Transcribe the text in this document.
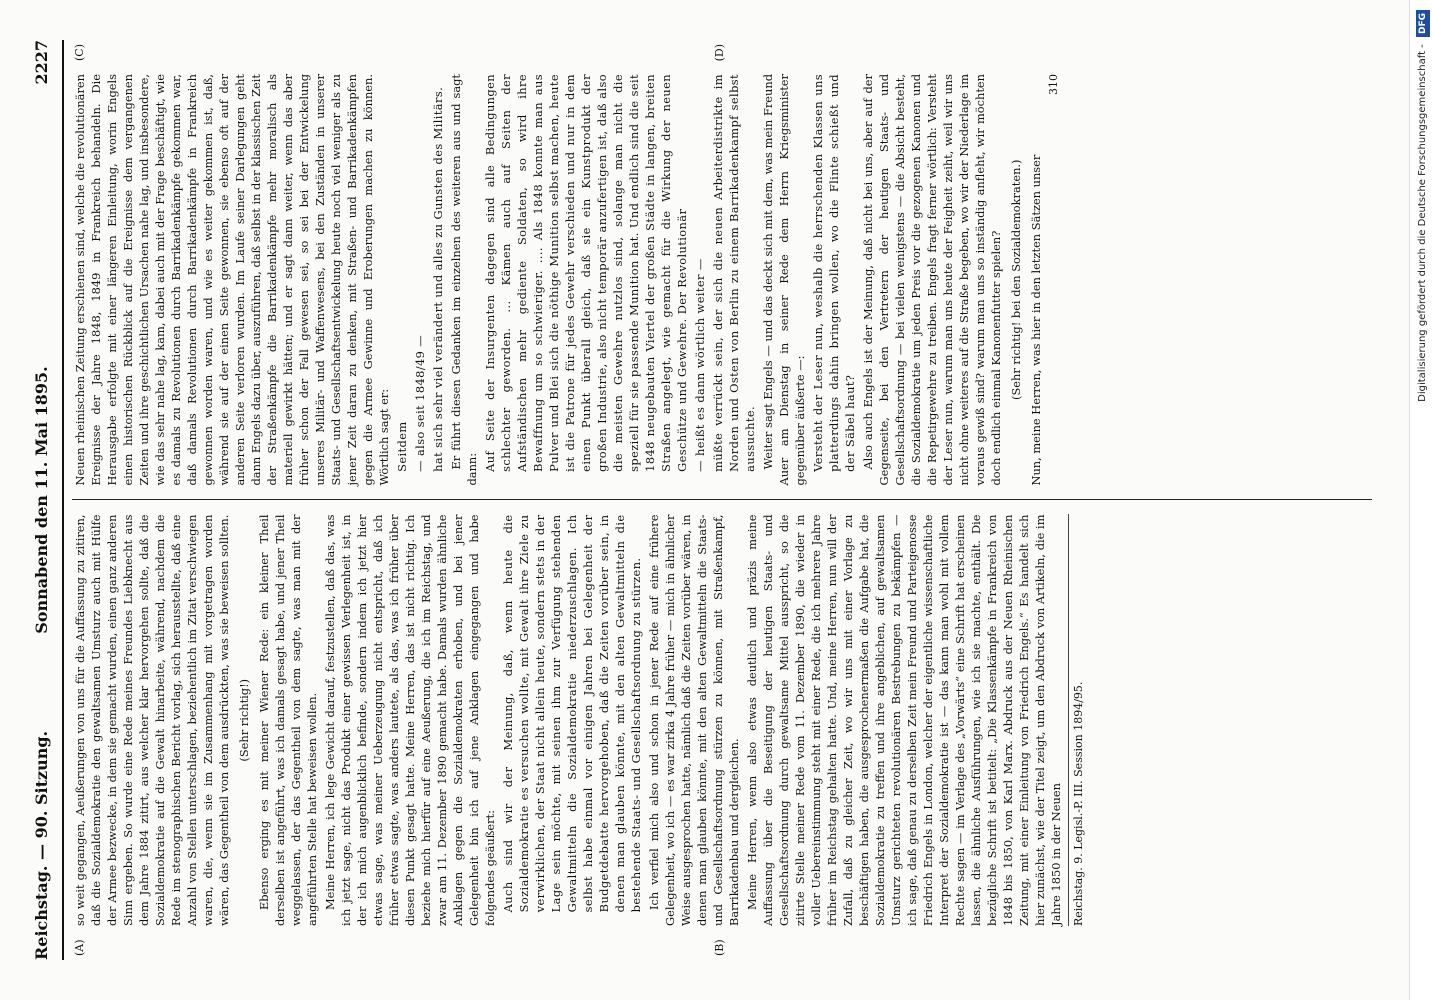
Reichstag. — 90. Sitzung.
Sonnabend den 11. Mai 1895.
2227
(A)	(B)

so weit gegangen, Aeußerungen von uns für die Auffassung zu zitiren, daß die Sozialdemokratie den gewaltsamen Umsturz auch mit Hülfe der Armee bezwecke, in dem sie gemacht wurden, einen ganz anderen Sinn ergeben. So wurde eine Rede meines Freundes Liebknecht aus dem Jahre 1884 zitirt, aus welcher klar hervorgehen sollte, daß die Sozialdemokratie auf die Gewalt hinarbeite, während, nachdem die Rede im stenographischen Bericht vorlag, sich herausstellte, daß eine Anzahl von Stellen unterschlagen, beziehentlich im Zitat verschwiegen waren, die, wenn sie im Zusammenhang mit vorgetragen worden wären, das Gegentheil von dem ausdrückten, was sie beweisen sollten. (Sehr richtig!) Ebenso erging es mit meiner Wiener Rede: ein kleiner Theil derselben ist angeführt, was ich damals gesagt habe, und jener Theil weggelassen, der das Gegentheil von dem sagte, was man mit der angeführten Stelle hat beweisen wollen. Meine Herren, ich lege Gewicht darauf, festzustellen, daß das, was ich jetzt sage, nicht das Produkt einer gewissen Verlegenheit ist, in der ich mich augenblicklich befinde, sondern indem ich jetzt hier etwas sage, was meiner Ueberzeugung nicht entspricht, daß ich früher etwas sagte, was anders lautete, als das, was ich früher über diesen Punkt gesagt hatte. Meine Herren, das ist nicht richtig. Ich beziehe mich hierfür auf eine Aeußerung, die ich im Reichstag, und zwar am 11. Dezember 1890 gemacht habe. Damals wurden ähnliche Anklagen gegen die Sozialdemokraten erhoben, und bei jener Gelegenheit bin ich auf jene Anklagen eingegangen und habe folgendes geäußert: Auch sind wir der Meinung, daß, wenn heute die Sozialdemokratie es versuchen wollte, mit Gewalt ihre Ziele zu verwirklichen, der Staat nicht allein heute, sondern stets in der Lage sein möchte, mit seinen ihm zur Verfügung stehenden Gewaltmitteln die Sozialdemokratie niederzuschlagen. Ich selbst habe einmal vor einigen Jahren bei Gelegenheit der Budgetdebatte hervorgehoben, daß die Zeiten vorüber sein, in denen man glauben könnte, mit den alten Gewaltmitteln die bestehende Staats- und Gesellschaftsordnung zu stürzen. Ich verfiel mich also und schon in jener Rede auf eine frühere Gelegenheit, wo ich — es war zirka 4 Jahre früher — mich in ähnlicher Weise ausgesprochen hatte, nämlich daß die Zeiten vorüber wären, in denen man glauben könnte, mit den alten Gewaltmitteln die Staats- und Gesellschaftsordnung stürzen zu können, mit Straßenkampf, Barrikadenbau und dergleichen. Meine Herren, wenn also etwas deutlich und präzis meine Auffassung über die Beseitigung der heutigen Staats- und Gesellschaftsordnung durch gewaltsame Mittel ausspricht, so die zitirte Stelle meiner Rede vom 11. Dezember 1890, die wieder in voller Uebereinstimmung steht mit einer Rede, die ich mehrere Jahre früher im Reichstag gehalten hatte. Und, meine Herren, nun will der Zufall, daß zu gleicher Zeit, wo wir uns mit einer Vorlage zu beschäftigen haben, die ausgesprochenermaßen die Aufgabe hat, die Sozialdemokratie zu treffen und ihre angeblichen, auf gewaltsamen Umsturz gerichteten revolutionären Bestrebungen zu bekämpfen — ich sage, daß genau zu derselben Zeit mein Freund und Parteigenosse Friedrich Engels in London, welcher der eigentliche wissenschaftliche Interpret der Sozialdemokratie ist — das kann man wohl mit vollem Rechte sagen — im Verlage des „Vorwärts“ eine Schrift hat erscheinen lassen, die ähnliche Ausführungen, wie ich sie machte, enthält. Die bezügliche Schrift ist betitelt: „Die Klassenkämpfe in Frankreich von 1848 bis 1850, von Karl Marx. Abdruck aus der Neuen Rheinischen Zeitung, mit einer Einleitung von Friedrich Engels.“ Es handelt sich hier zunächst, wie der Titel zeigt, um den Abdruck von Artikeln, die im Jahre 1850 in der Neuen Reichstag. 9. Legisl.-P. III. Session 1894/95.
(C)	(D)

Neuen rheinischen Zeitung erschienen sind, welche die revolutionären Ereignisse der Jahre 1848, 1849 in Frankreich behandeln. Die Herausgabe erfolgte mit einer längeren Einleitung, worin Engels einen historischen Rückblick auf die Ereignisse dem vergangenen Zeiten und ihre geschichtlichen Ursachen nahe lag, und insbesondere, wie das sehr nahe lag, kam, dabei auch mit der Frage beschäftigt, wie es damals zu Revolutionen durch Barrikadenkämpfe gekommen war, daß damals Revolutionen durch Barrikadenkämpfe in Frankreich gewonnen worden waren, und wie es weiter gekommen ist, daß, während sie auf der einen Seite gewonnen, sie ebenso oft auf der anderen Seite verloren wurden. Im Laufe seiner Darlegungen geht dann Engels dazu über, auszuführen, daß selbst in der klassischen Zeit der Straßenkämpfe die Barrikadenkämpfe mehr moralisch als materiell gewirkt hätten; und er sagt dann weiter, wenn das aber früher schon der Fall gewesen sei, so sei bei der Entwickelung unseres Militär- und Waffenwesens, bei den Zuständen in unserer Staats- und Gesellschaftsentwickelung heute noch viel weniger als zu jener Zeit daran zu denken, mit Straßen- und Barrikadenkämpfen gegen die Armee Gewinne und Eroberungen machen zu können. Wörtlich sagt er: Seitdem — also seit 1848/49 — hat sich sehr viel verändert und alles zu Gunsten des Militärs. Er führt diesen Gedanken im einzelnen des weiteren aus und sagt dann: Auf Seite der Insurgenten dagegen sind alle Bedingungen schlechter geworden. ... Kämen auch auf Seiten der Aufständischen mehr gediente Soldaten, so wird ihre Bewaffnung um so schwieriger. .... Als 1848 konnte man aus Pulver und Blei sich die nöthige Munition selbst machen, heute ist die Patrone für jedes Gewehr verschieden und nur in dem einen Punkt überall gleich, daß sie ein Kunstprodukt der großen Industrie, also nicht temporär anzufertigen ist, daß also die meisten Gewehre nutzlos sind, solange man nicht die speziell für sie passende Munition hat. Und endlich sind die seit 1848 neugebauten Viertel der großen Städte in langen, breiten Straßen angelegt, wie gemacht für die Wirkung der neuen Geschütze und Gewehre. Der Revolutionär — heißt es dann wörtlich weiter — müßte verrückt sein, der sich die neuen Arbeiterdistrikte im Norden und Osten von Berlin zu einem Barrikadenkampf selbst aussuchte. Weiter sagt Engels — und das deckt sich mit dem, was mein Freund Auer am Dienstag in seiner Rede dem Herrn Kriegsminister gegenüber äußerte —: Versteht der Leser nun, weshalb die herrschenden Klassen uns platterdings dahin bringen wollen, wo die Flinte schießt und der Säbel haut? Also auch Engels ist der Meinung, daß nicht bei uns, aber auf der Gegenseite, bei den Vertretern der heutigen Staats- und Gesellschaftsordnung — bei vielen wenigstens — die Absicht besteht, die Sozialdemokratie um jeden Preis vor die gezogenen Kanonen und die Repetirgewehre zu treiben. Engels fragt ferner wörtlich: Versteht der Leser nun, warum man uns heute der Feigheit zeiht, weil wir uns nicht ohne weiteres auf die Straße begeben, wo wir der Niederlage im voraus gewiß sind? warum man uns so inständig anfleht, wir möchten doch endlich einmal Kanonenfutter spielen? (Sehr richtig! bei den Sozialdemokraten.) Nun, meine Herren, was hier in den letzten Sätzen unser

310	Digitalisierung gefördert durch die Deutsche Forschungsgemeinschaft - DFG
